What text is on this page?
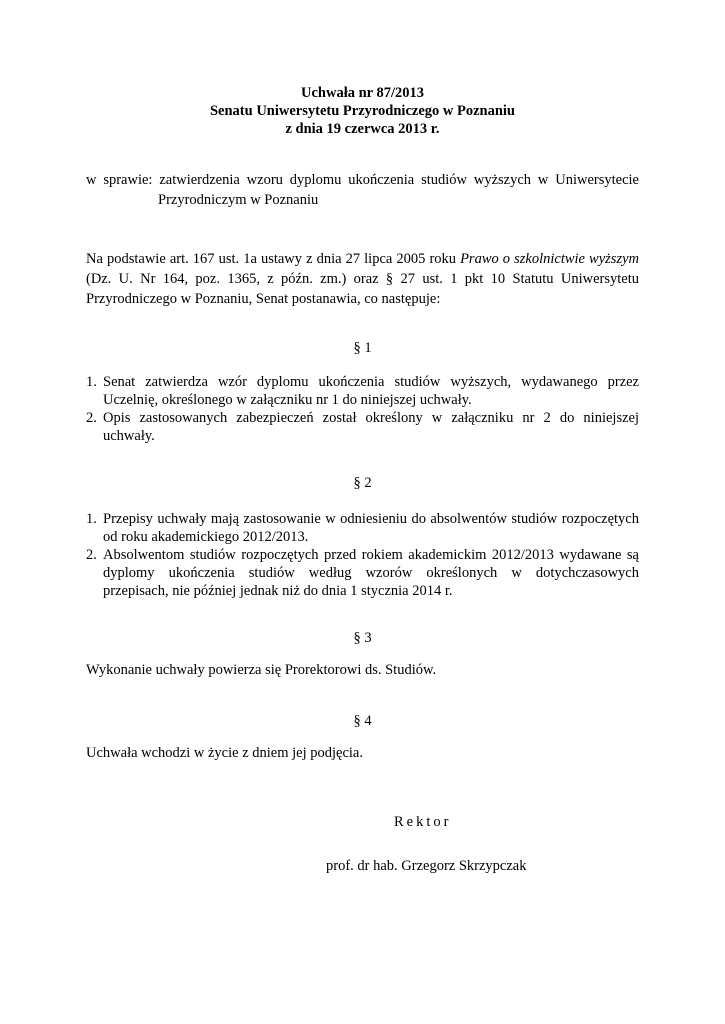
Uchwała nr 87/2013
Senatu Uniwersytetu Przyrodniczego w Poznaniu
z dnia 19 czerwca 2013 r.
w sprawie: zatwierdzenia wzoru dyplomu ukończenia studiów wyższych w Uniwersytecie
Przyrodniczym w Poznaniu
Na podstawie art. 167 ust. 1a ustawy z dnia 27 lipca 2005 roku Prawo o szkolnictwie wyższym
(Dz. U. Nr 164, poz. 1365, z późn. zm.) oraz § 27 ust. 1 pkt 10 Statutu Uniwersytetu
Przyrodniczego w Poznaniu, Senat postanawia, co następuje:
§ 1
1. Senat zatwierdza wzór dyplomu ukończenia studiów wyższych, wydawanego przez
Uczelnię, określonego w załączniku nr 1 do niniejszej uchwały.
2. Opis zastosowanych zabezpieczeń został określony w załączniku nr 2 do niniejszej
uchwały.
§ 2
1. Przepisy uchwały mają zastosowanie w odniesieniu do absolwentów studiów rozpoczętych
od roku akademickiego 2012/2013.
2. Absolwentom studiów rozpoczętych przed rokiem akademickim 2012/2013 wydawane są
dyplomy ukończenia studiów według wzorów określonych w dotychczasowych
przepisach, nie później jednak niż do dnia 1 stycznia 2014 r.
§ 3
Wykonanie uchwały powierza się Prorektorowi ds. Studiów.
§ 4
Uchwała wchodzi w życie z dniem jej podjęcia.
Rektor
prof. dr hab. Grzegorz Skrzypczak
